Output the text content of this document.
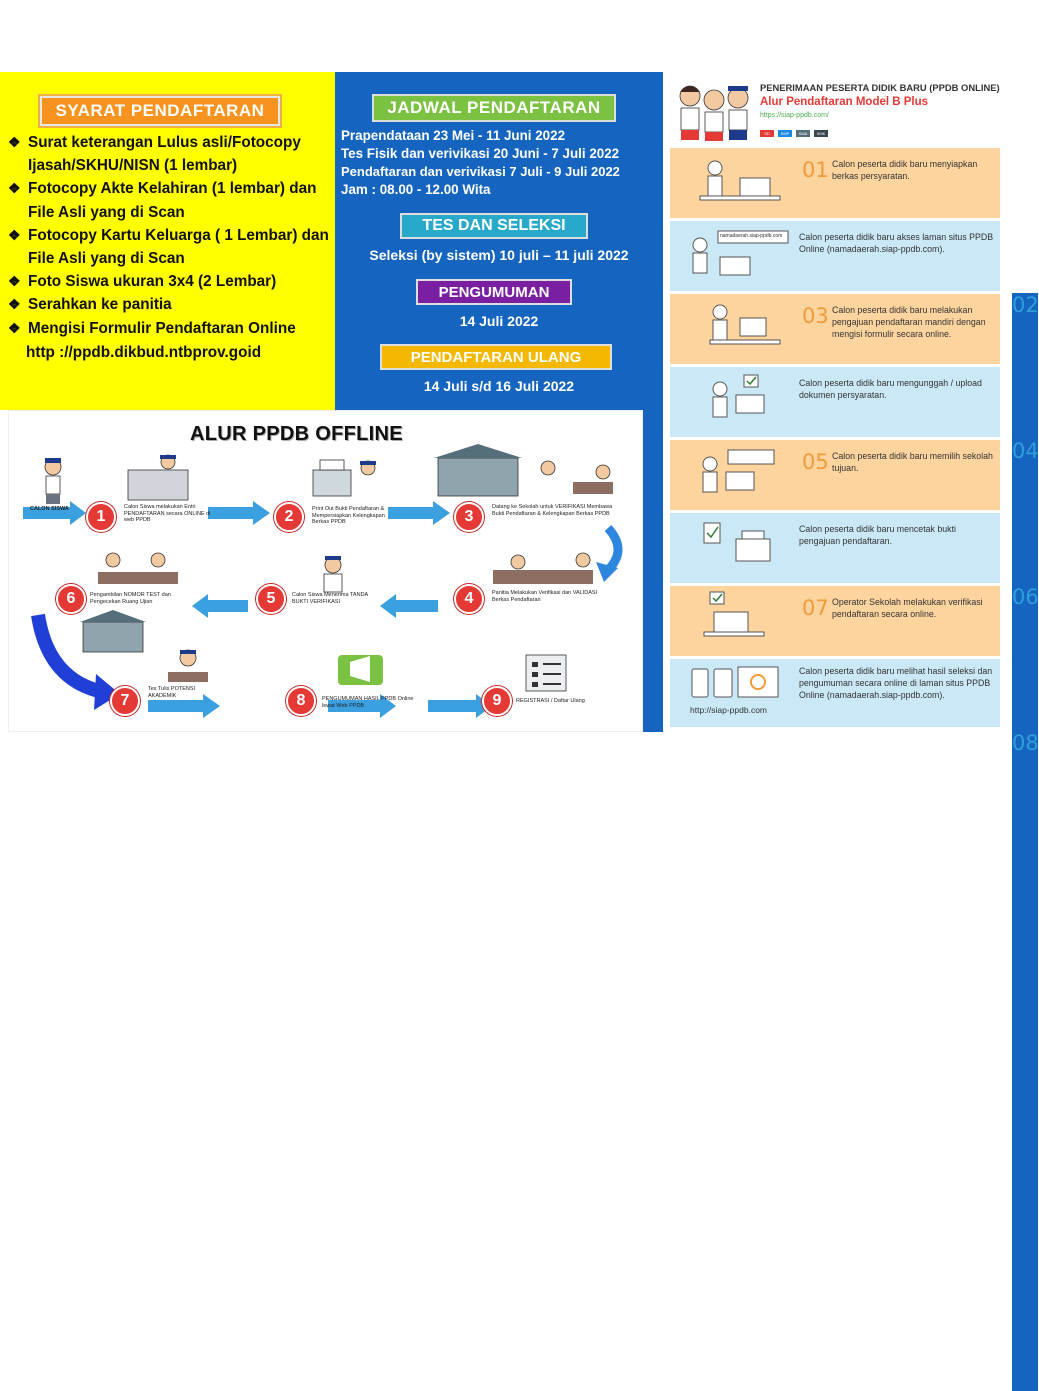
SYARAT PENDAFTARAN
❖ Surat keterangan Lulus asli/Fotocopy Ijasah/SKHU/NISN (1 lembar)
❖ Fotocopy Akte Kelahiran (1 lembar) dan File Asli yang di Scan
❖ Fotocopy Kartu Keluarga ( 1 Lembar) dan File Asli yang di Scan
❖ Foto Siswa ukuran 3x4 (2 Lembar)
❖ Serahkan ke panitia
❖ Mengisi Formulir Pendaftaran Online
http ://ppdb.dikbud.ntbprov.goid
JADWAL PENDAFTARAN
Prapendataan 23 Mei - 11 Juni 2022
Tes Fisik dan verivikasi 20 Juni - 7 Juli 2022
Pendaftaran dan verivikasi 7 Juli - 9 Juli 2022
Jam : 08.00 - 12.00 Wita
TES DAN SELEKSI
Seleksi (by sistem) 10 juli – 11 juli 2022
PENGUMUMAN
14 Juli 2022
PENDAFTARAN ULANG
14 Juli s/d 16 Juli 2022
ALUR PPDB OFFLINE
CALON SISWA	1
Calon Siswa melakukan Entri PENDAFTARAN secara ONLINE di web PPDB	2	Print Out Bukti Pendaftaran & Mempersiapkan Kelengkapan Berkas PPDB	3
Datang ke Sekolah untuk VERIFIKASI Membawa Bukti Pendaftaran & Kelengkapan Berkas PPDB
4	Panitia Melakukan Verifikasi dan VALIDASI Berkas Pendaftaran
5	Calon Siswa Menerima TANDA BUKTI VERIFIKASI
6	Pengambilan NOMOR TEST dan Pengecekan Ruang Ujian
7
Tes Tulis POTENSI AKADEMIK	8	PENGUMUMAN HASIL PPDB Online lewat Web PPDB	9	REGISTRASI / Daftar Ulang
PENERIMAAN PESERTA DIDIK BARU (PPDB ONLINE)
Alur Pendaftaran Model B Plus
https://siap-ppdb.com/
SD	SMP	SMA	SMK
01 Calon peserta didik baru menyiapkan berkas persyaratan.
namadaerah.siap-ppdb.com
02
Calon peserta didik baru akses laman situs PPDB Online (namadaerah.siap-ppdb.com).
03 Calon peserta didik baru melakukan pengajuan pendaftaran mandiri dengan mengisi formulir secara online.
04
Calon peserta didik baru mengunggah / upload dokumen persyaratan.
05 Calon peserta didik baru memilih sekolah tujuan.
06
Calon peserta didik baru mencetak bukti pengajuan pendaftaran.
07 Operator Sekolah melakukan verifikasi pendaftaran secara online.
08
Calon peserta didik baru melihat hasil seleksi dan pengumuman secara online di laman situs PPDB Online (namadaerah.siap-ppdb.com).
http://siap-ppdb.com
